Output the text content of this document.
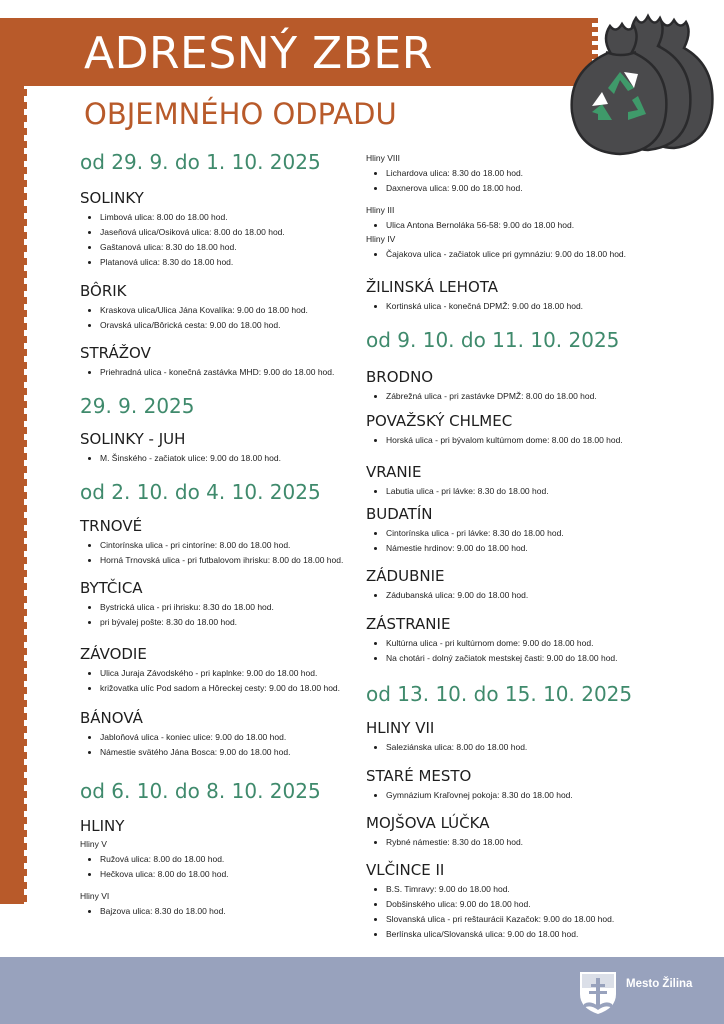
ADRESNÝ ZBER
OBJEMNÉHO ODPADU
od 29. 9. do 1. 10. 2025
SOLINKY
• Limbová ulica: 8.00 do 18.00 hod.
• Jaseňová ulica/Osiková ulica: 8.00 do 18.00 hod.
• Gaštanová ulica: 8.30 do 18.00 hod.
• Platanová ulica: 8.30 do 18.00 hod.
BÔRIK
• Kraskova ulica/Ulica Jána Kovalíka: 9.00 do 18.00 hod.
• Oravská ulica/Bôrická cesta: 9.00 do 18.00 hod.
STRÁŽOV
• Priehradná ulica - konečná zastávka MHD: 9.00 do 18.00 hod.
29. 9. 2025
SOLINKY - JUH
• M. Šinského - začiatok ulice: 9.00 do 18.00 hod.
od 2. 10. do 4. 10. 2025
TRNOVÉ
• Cintorínska ulica - pri cintoríne: 8.00 do 18.00 hod.
• Horná Trnovská ulica - pri futbalovom ihrisku: 8.00 do 18.00 hod.
BYTČICA
• Bystrická ulica - pri ihrisku: 8.30 do 18.00 hod.
• pri bývalej pošte: 8.30 do 18.00 hod.
ZÁVODIE
• Ulica Juraja Závodského - pri kaplnke: 9.00 do 18.00 hod.
• križovatka ulíc Pod sadom a Hôreckej cesty: 9.00 do 18.00 hod.
BÁNOVÁ
• Jabloňová ulica - koniec ulice: 9.00 do 18.00 hod.
• Námestie svätého Jána Bosca: 9.00 do 18.00 hod.
od 6. 10. do 8. 10. 2025
HLINY
Hliny V
• Ružová ulica: 8.00 do 18.00 hod.
• Hečkova ulica: 8.00 do 18.00 hod.
Hliny VI
• Bajzova ulica: 8.30 do 18.00 hod.
Hliny VIII
• Lichardova ulica: 8.30 do 18.00 hod.
• Daxnerova ulica: 9.00 do 18.00 hod.
Hliny III
• Ulica Antona Bernoláka 56-58: 9.00 do 18.00 hod.
Hliny IV
• Čajakova ulica - začiatok ulice pri gymnáziu: 9.00 do 18.00 hod.
ŽILINSKÁ LEHOTA
• Kortinská ulica - konečná DPMŽ: 9.00 do 18.00 hod.
od 9. 10. do 11. 10. 2025
BRODNO
• Zábrežná ulica - pri zastávke DPMŽ: 8.00 do 18.00 hod.
POVAŽSKÝ CHLMEC
• Horská ulica - pri bývalom kultúrnom dome: 8.00 do 18.00 hod.
VRANIE
• Labutia ulica - pri lávke: 8.30 do 18.00 hod.
BUDATÍN
• Cintorínska ulica - pri lávke: 8.30 do 18.00 hod.
• Námestie hrdinov: 9.00 do 18.00 hod.
ZÁDUBNIE
• Zádubanská ulica: 9.00 do 18.00 hod.
ZÁSTRANIE
• Kultúrna ulica - pri kultúrnom dome: 9.00 do 18.00 hod.
• Na chotári - dolný začiatok mestskej časti: 9.00 do 18.00 hod.
od 13. 10. do 15. 10. 2025
HLINY VII
• Saleziánska ulica: 8.00 do 18.00 hod.
STARÉ MESTO
• Gymnázium Kraľovnej pokoja: 8.30 do 18.00 hod.
MOJŠOVA LÚČKA
• Rybné námestie: 8.30 do 18.00 hod.
VLČINCE II
• B.S. Timravy: 9.00 do 18.00 hod.
• Dobšinského ulica: 9.00 do 18.00 hod.
• Slovanská ulica - pri reštaurácii Kazačok: 9.00 do 18.00 hod.
• Berlínska ulica/Slovanská ulica: 9.00 do 18.00 hod.
Mesto Žilina
